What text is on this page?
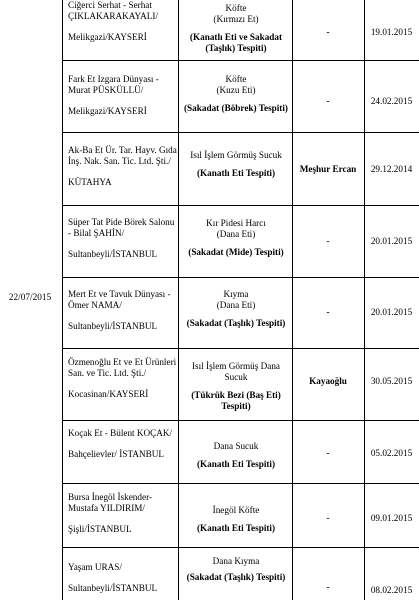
22/07/2015
Ciğerci Serhat - Serhat ÇIKLAKARAKAYALI/
Melikgazi/KAYSERİ
Köfte
(Kırmızı Et)
(Kanatlı Eti ve Sakadat (Taşlık) Tespiti)
-	19.01.2015
Fark Et Izgara Dünyası - Murat PÜSKÜLLÜ/
Melikgazi/KAYSERİ
Köfte
(Kuzu Eti)
(Sakadat (Böbrek) Tespiti)
-	24.02.2015
Ak-Ba Et Ür. Tar. Hayv. Gıda İnş. Nak. San. Tic. Ltd. Şti./
KÜTAHYA
Isıl İşlem Görmüş Sucuk
(Kanatlı Eti Tespiti)	Meşhur Ercan	29.12.2014
Süper Tat Pide Börek Salonu - Bilal ŞAHİN/
Sultanbeyli/İSTANBUL
Kır Pidesi Harcı
(Dana Eti)
(Sakadat (Mide) Tespiti)
-	20.01.2015
Mert Et ve Tavuk Dünyası - Ömer NAMA/
Sultanbeyli/İSTANBUL
Kıyma
(Dana Eti)
(Sakadat (Taşlık) Tespiti)
-	20.01.2015
Özmenoğlu Et ve Et Ürünleri San. ve Tic. Ltd. Şti./
Kocasinan/KAYSERİ
Isıl İşlem Görmüş Dana Sucuk
(Tükrük Bezi (Baş Eti) Tespiti)
Kayaoğlu	30.05.2015
Koçak Et - Bülent KOÇAK/
Bahçelievler/ İSTANBUL
Dana Sucuk
(Kanatlı Eti Tespiti)
-	05.02.2015
Bursa İnegöl İskender-Mustafa YILDIRIM/
Şişli/İSTANBUL
İnegöl Köfte
(Kanatlı Eti Tespiti)
-	09.01.2015
Yaşam URAS/
Sultanbeyli/İSTANBUL
Dana Kıyma
(Sakadat (Taşlık) Tespiti)
-	08.02.2015
